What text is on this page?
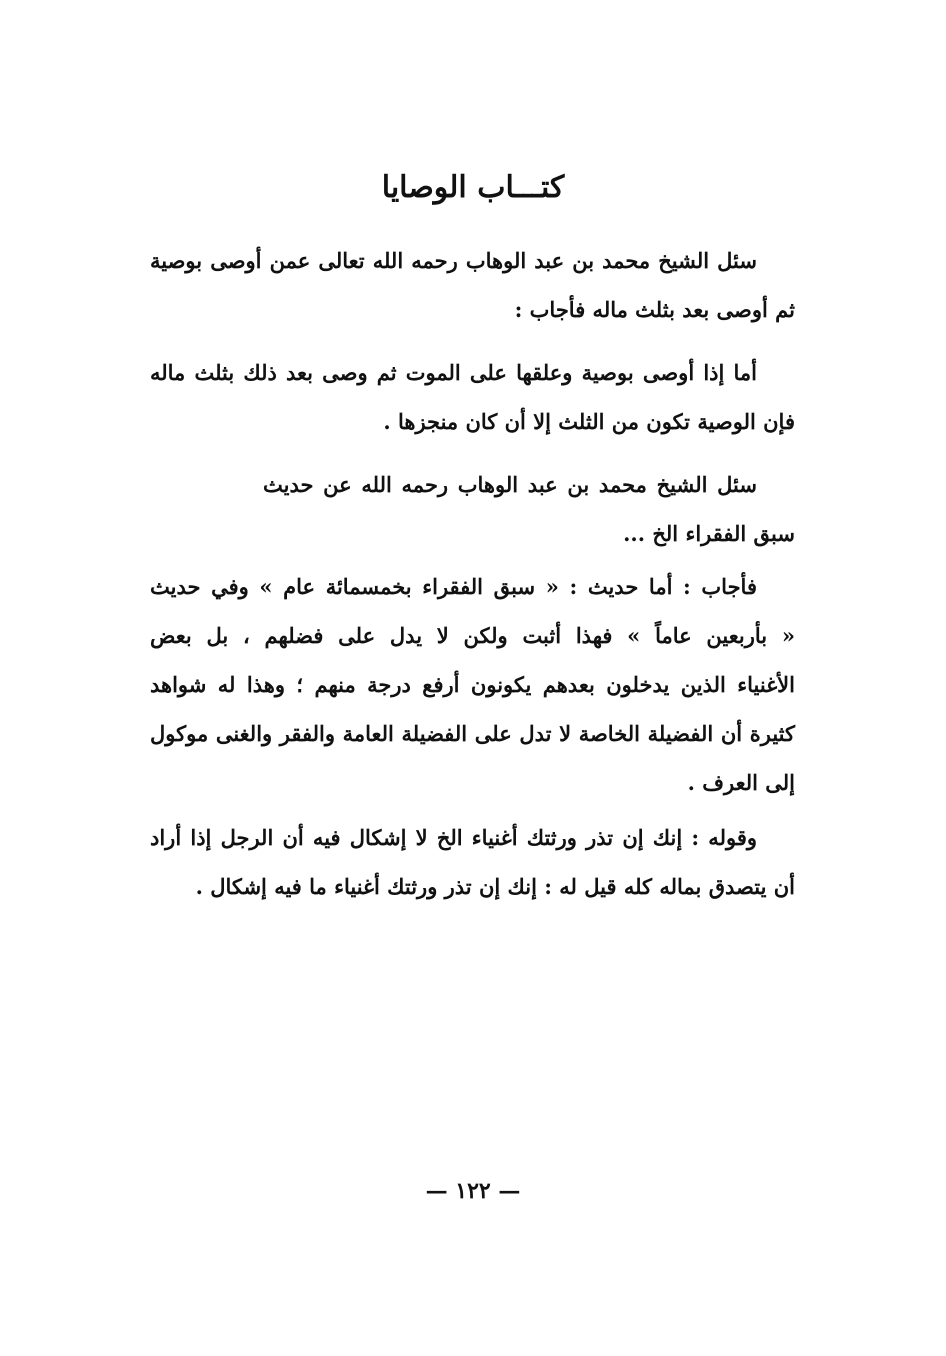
كتـــاب الوصايا
سئل الشيخ محمد بن عبد الوهاب رحمه الله تعالى عمن أوصى بوصية
ثم أوصى بعد بثلث ماله فأجاب :
أما إذا أوصى بوصية وعلقها على الموت ثم وصى بعد ذلك بثلث ماله
فإن الوصية تكون من الثلث إلا أن كان منجزها .
سئل الشيخ محمد بن عبد الوهاب رحمه الله عن حديث
سبق الفقراء الخ ...
فأجاب : أما حديث : « سبق الفقراء بخمسمائة عام » وفي حديث
« بأربعين عاماً » فهذا أثبت ولكن لا يدل على فضلهم ، بل بعض
الأغنياء الذين يدخلون بعدهم يكونون أرفع درجة منهم ؛ وهذا له شواهد
كثيرة أن الفضيلة الخاصة لا تدل على الفضيلة العامة والفقر والغنى موكول
إلى العرف .
وقوله : إنك إن تذر ورثتك أغنياء الخ لا إشكال فيه أن الرجل إذا أراد
أن يتصدق بماله كله قيل له : إنك إن تذر ورثتك أغنياء ما فيه إشكال .
— ١٢٢ —
